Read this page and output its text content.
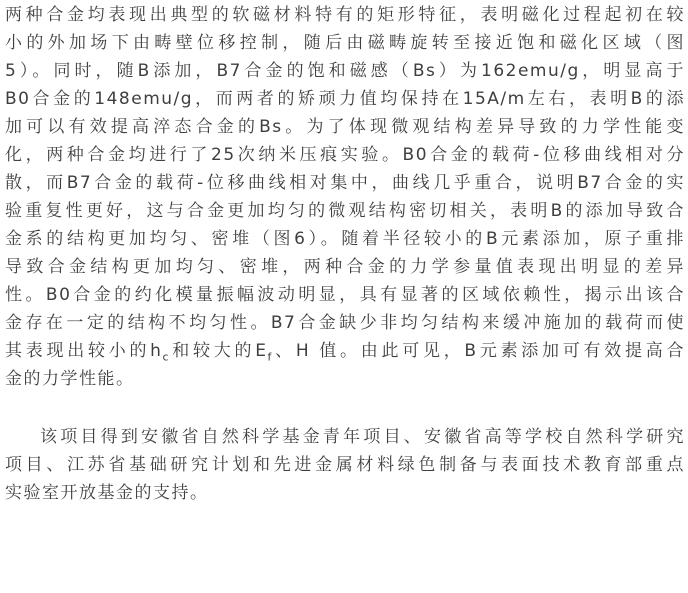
两种合金均表现出典型的软磁材料特有的矩形特征，表明磁化过程起初在较
小的外加场下由畴壁位移控制，随后由磁畴旋转至接近饱和磁化区域（图
5）。同时，随B添加，B7合金的饱和磁感（Bs）为162emu/g，明显高于
B0合金的148emu/g，而两者的矫顽力值均保持在15A/m左右，表明B的添
加可以有效提高淬态合金的Bs。为了体现微观结构差异导致的力学性能变
化，两种合金均进行了25次纳米压痕实验。B0合金的载荷-位移曲线相对分
散，而B7合金的载荷-位移曲线相对集中，曲线几乎重合，说明B7合金的实
验重复性更好，这与合金更加均匀的微观结构密切相关，表明B的添加导致合
金系的结构更加均匀、密堆（图6）。随着半径较小的B元素添加，原子重排
导致合金结构更加均匀、密堆，两种合金的力学参量值表现出明显的差异
性。B0合金的约化模量振幅波动明显，具有显著的区域依赖性，揭示出该合
金存在一定的结构不均匀性。B7合金缺少非均匀结构来缓冲施加的载荷而使
其表现出较小的$h_c$和较大的$E_f$、H 值。由此可见，B元素添加可有效提高合
金的力学性能。
该项目得到安徽省自然科学基金青年项目、安徽省高等学校自然科学研究
项目、江苏省基础研究计划和先进金属材料绿色制备与表面技术教育部重点
实验室开放基金的支持。
